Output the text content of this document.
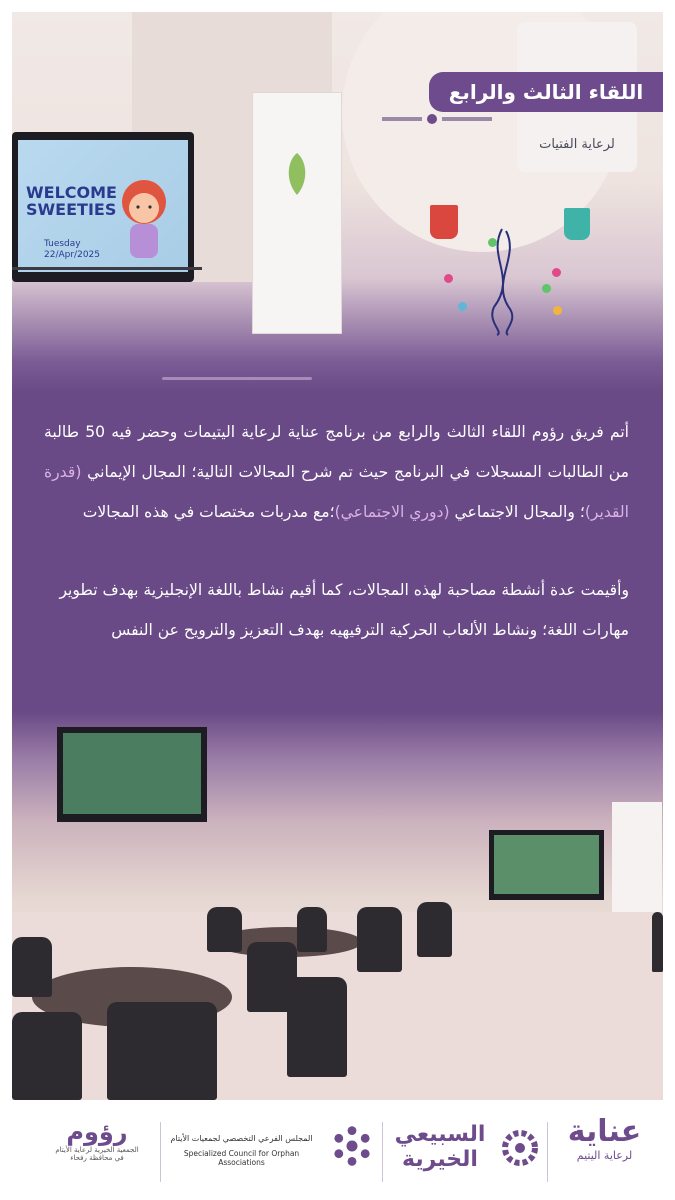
WELCOME SWEETIES
Tuesday
22/Apr/2025
لرعاية الفتيات
اللقاء الثالث والرابع

أتم فريق رؤوم اللقاء الثالث والرابع من برنامج عناية لرعاية اليتيمات وحضر فيه 50 طالبة من الطالبات المسجلات في البرنامج حيث تم شرح المجالات التالية؛ المجال الإيماني (قدرة القدير)؛ والمجال الاجتماعي (دوري الاجتماعي)؛مع مدربات مختصات في هذه المجالات

وأقيمت عدة أنشطة مصاحبة لهذه المجالات، كما أقيم نشاط باللغة الإنجليزية بهدف تطوير مهارات اللغة؛ ونشاط الألعاب الحركية الترفيهيه بهدف التعزيز والترويح عن النفس

رؤوم
الجمعية الخيرية لرعاية الأيتام
في محافظة رفحاء
المجلس الفرعي التخصصي لجمعيات الأيتام
Specialized Council for Orphan Associations
السبيعي
الخيرية
عناية
لرعاية اليتيم
